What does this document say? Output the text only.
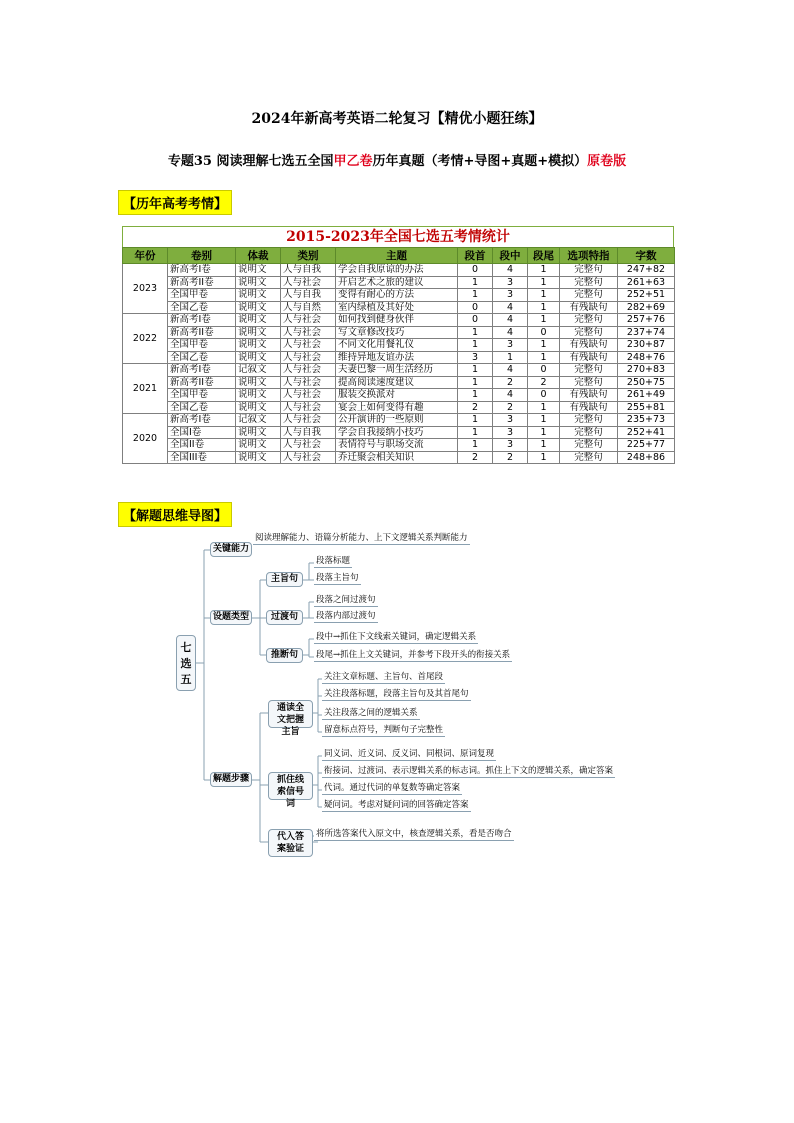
2024年新高考英语二轮复习【精优小题狂练】
专题35 阅读理解七选五全国甲乙卷历年真题（考情+导图+真题+模拟）原卷版
【历年高考考情】
2015-2023年全国七选五考情统计
年份	卷别	体裁	类别	主题	段首	段中	段尾	选项特指	字数
2023	新高考I卷	说明文	人与自我	学会自我原谅的办法	0	4	1	完整句	247+82
	新高考II卷	说明文	人与社会	开启艺术之旅的建议	1	3	1	完整句	261+63
	全国甲卷	说明文	人与自我	变得有耐心的方法	1	3	1	完整句	252+51
	全国乙卷	说明文	人与自然	室内绿植及其好处	0	4	1	有残缺句	282+69
2022	新高考I卷	说明文	人与社会	如何找到健身伙伴	0	4	1	完整句	257+76
	新高考II卷	说明文	人与社会	写文章修改技巧	1	4	0	完整句	237+74
	全国甲卷	说明文	人与社会	不同文化用餐礼仪	1	3	1	有残缺句	230+87
	全国乙卷	说明文	人与社会	维持异地友谊办法	3	1	1	有残缺句	248+76
2021	新高考I卷	记叙文	人与社会	夫妻巴黎一周生活经历	1	4	0	完整句	270+83
	新高考II卷	说明文	人与社会	提高阅读速度建议	1	2	2	完整句	250+75
	全国甲卷	说明文	人与社会	服装交换派对	1	4	0	有残缺句	261+49
	全国乙卷	说明文	人与社会	宴会上如何变得有趣	2	2	1	有残缺句	255+81
2020	新高考I卷	记叙文	人与社会	公开演讲的一些原则	1	3	1	完整句	235+73
	全国I卷	说明文	人与自我	学会自我接纳小技巧	1	3	1	完整句	252+41
	全国II卷	说明文	人与社会	表情符号与职场交流	1	3	1	完整句	225+77
	全国III卷	说明文	人与社会	乔迁聚会相关知识	2	2	1	完整句	248+86
【解题思维导图】
七选五
关键能力
阅读理解能力、语篇分析能力、上下文逻辑关系判断能力
设题类型
主旨句
段落标题
段落主旨句
过渡句
段落之间过渡句
段落内部过渡句
推断句
段中→抓住下文线索关键词，确定逻辑关系
段尾→抓住上文关键词，并参考下段开头的衔接关系
解题步骤
通读全文把握主旨
关注文章标题、主旨句、首尾段
关注段落标题，段落主旨句及其首尾句
关注段落之间的逻辑关系
留意标点符号，判断句子完整性
抓住线索信号词
同义词、近义词、反义词、同根词、原词复现
衔接词、过渡词、表示逻辑关系的标志词。抓住上下文的逻辑关系，确定答案
代词。通过代词的单复数等确定答案
疑问词。考虑对疑问词的回答确定答案
代入答案验证
将所选答案代入原文中，核查逻辑关系，看是否吻合
